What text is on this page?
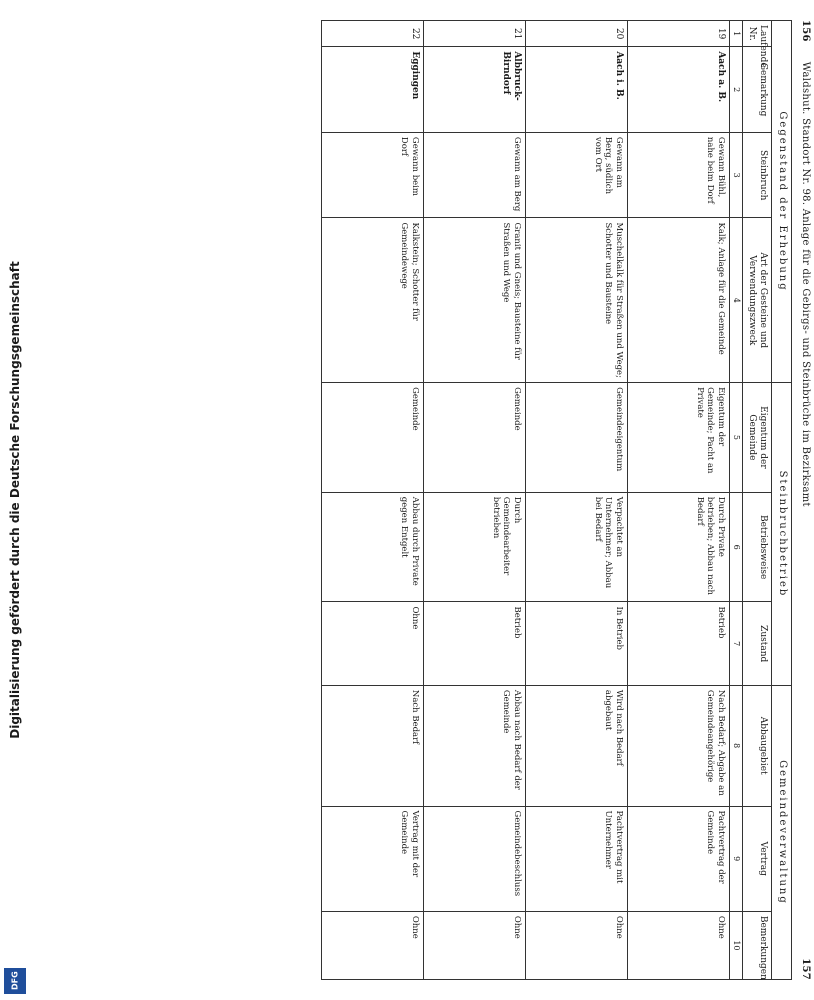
Digitalisierung gefördert durch die Deutsche Forschungsgemeinschaft
DFG
156
Waldshut. Standort Nr. 98. Anlage für die Gebirgs- und Steinbrüche im Bezirksamt
157
Gegenstand der Erhebung				Steinbruchbetrieb			Gemeindeverwaltung		
Laufende Nr.	Gemarkung	Steinbruch	Art der Gesteine und Verwendungszweck	Eigentum der Gemeinde	Betriebsweise	Zustand	Abbaugebiet	Vertrag	Bemerkungen
1	2	3	4	5	6	7	8	9	10
19	Aach a. B.	Gewann Bühl, nahe beim Dorf	Kalk; Anlage für die Gemeinde	Eigentum der Gemeinde; Pacht an Private	Durch Private betrieben; Abbau nach Bedarf	Betrieb	Nach Bedarf; Abgabe an Gemeindeangehörige	Pachtvertrag der Gemeinde	Ohne
20	Aach i. B.	Gewann am Berg, südlich vom Ort	Muschelkalk für Straßen und Wege; Schotter und Bausteine	Gemeindeeigentum	Verpachtet an Unternehmer; Abbau bei Bedarf	In Betrieb	Wird nach Bedarf abgebaut	Pachtvertrag mit Unternehmer	Ohne
21	Albbruck-Birndorf	Gewann am Berg	Granit und Gneis; Bausteine für Straßen und Wege	Gemeinde	Durch Gemeindearbeiter betrieben	Betrieb	Abbau nach Bedarf der Gemeinde	Gemeindebeschluss	Ohne
22	Eggingen	Gewann beim Dorf	Kalkstein; Schotter für Gemeindewege	Gemeinde	Abbau durch Private gegen Entgelt	Ohne	Nach Bedarf	Vertrag mit der Gemeinde	Ohne
